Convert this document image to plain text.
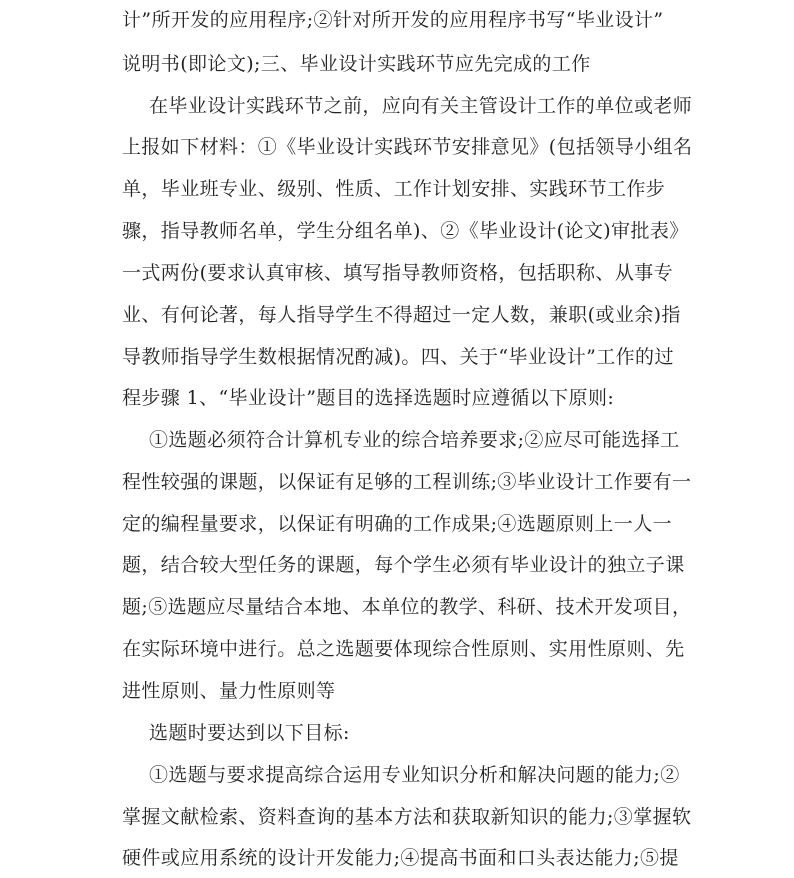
计”所开发的应用程序;②针对所开发的应用程序书写“毕业设计”
说明书(即论文);三、毕业设计实践环节应先完成的工作
在毕业设计实践环节之前，应向有关主管设计工作的单位或老师
上报如下材料：①《毕业设计实践环节安排意见》(包括领导小组名
单，毕业班专业、级别、性质、工作计划安排、实践环节工作步
骤，指导教师名单，学生分组名单)、②《毕业设计(论文)审批表》
一式两份(要求认真审核、填写指导教师资格，包括职称、从事专
业、有何论著，每人指导学生不得超过一定人数，兼职(或业余)指
导教师指导学生数根据情况酌减)。四、关于“毕业设计”工作的过
程步骤 1、“毕业设计”题目的选择选题时应遵循以下原则:
①选题必须符合计算机专业的综合培养要求;②应尽可能选择工
程性较强的课题，以保证有足够的工程训练;③毕业设计工作要有一
定的编程量要求，以保证有明确的工作成果;④选题原则上一人一
题，结合较大型任务的课题，每个学生必须有毕业设计的独立子课
题;⑤选题应尽量结合本地、本单位的教学、科研、技术开发项目，
在实际环境中进行。总之选题要体现综合性原则、实用性原则、先
进性原则、量力性原则等
选题时要达到以下目标:
①选题与要求提高综合运用专业知识分析和解决问题的能力;②
掌握文献检索、资料查询的基本方法和获取新知识的能力;③掌握软
硬件或应用系统的设计开发能力;④提高书面和口头表达能力;⑤提
